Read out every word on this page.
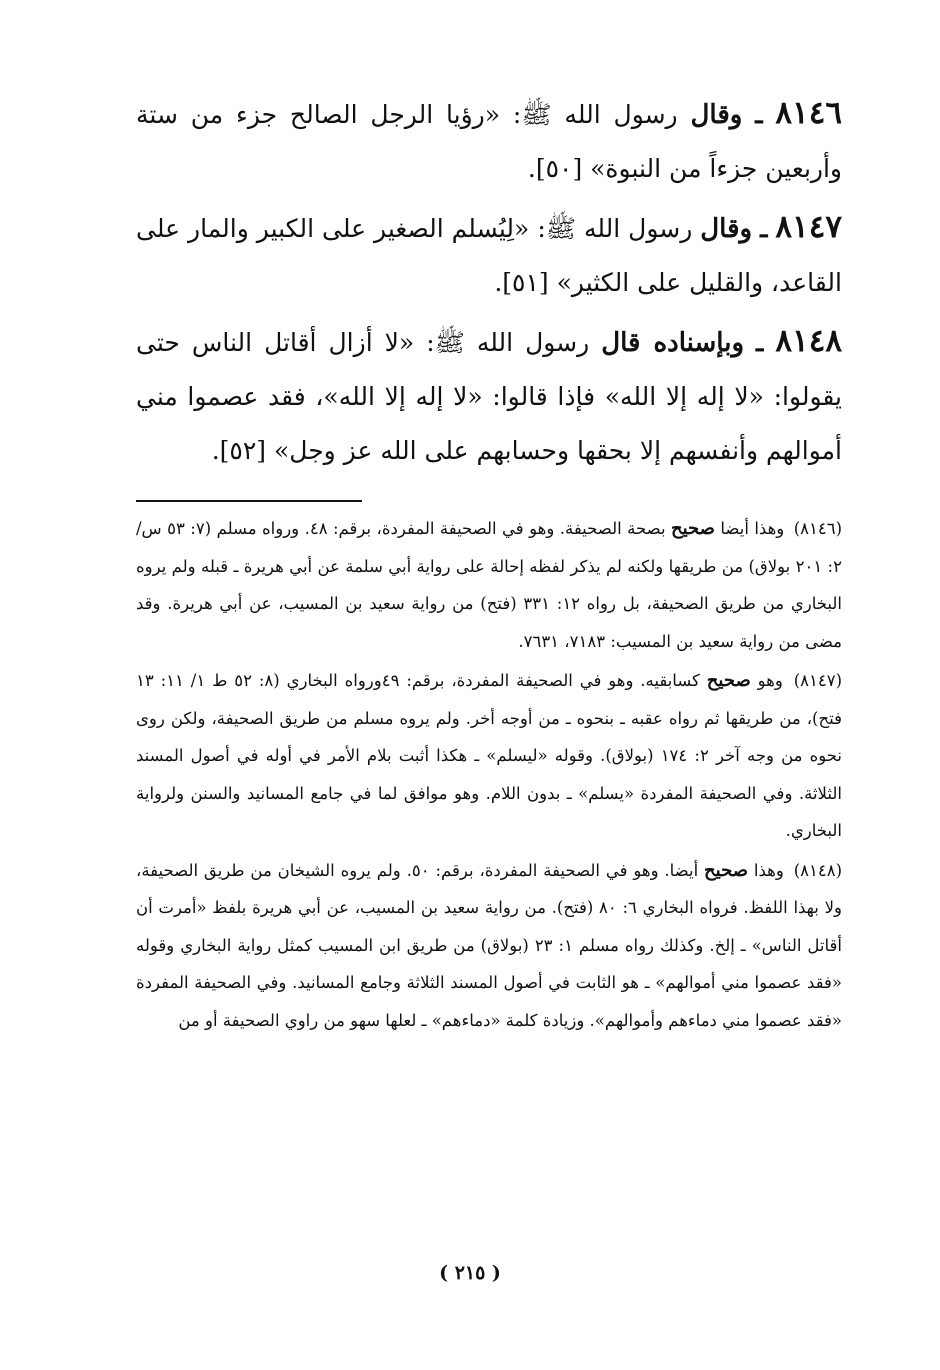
٨١٤٦ ـ وقال رسول الله ﷺ: «رؤيا الرجل الصالح جزء من ستة وأربعين جزءاً من النبوة» [٥٠].

٨١٤٧ ـ وقال رسول الله ﷺ: «لِيُسلم الصغير على الكبير والمار على القاعد، والقليل على الكثير» [٥١].

٨١٤٨ ـ وبإسناده قال رسول الله ﷺ: «لا أزال أقاتل الناس حتى يقولوا: «لا إله إلا الله» فإذا قالوا: «لا إله إلا الله»، فقد عصموا مني أموالهم وأنفسهم إلا بحقها وحسابهم على الله عز وجل» [٥٢].

(٨١٤٦) وهذا أيضا صحيح بصحة الصحيفة. وهو في الصحيفة المفردة، برقم: ٤٨. ورواه مسلم (٧: ٥٣ س/ ٢: ٢٠١ بولاق) من طريقها ولكنه لم يذكر لفظه إحالة على رواية أبي سلمة عن أبي هريرة ـ قبله ولم يروه البخاري من طريق الصحيفة، بل رواه ١٢: ٣٣١ (فتح) من رواية سعيد بن المسيب، عن أبي هريرة. وقد مضى من رواية سعيد بن المسيب: ٧١٨٣، ٧٦٣١.

(٨١٤٧) وهو صحيح كسابقيه. وهو في الصحيفة المفردة، برقم: ٤٩ورواه البخاري (٨: ٥٢ ط ١/ ١١: ١٣ فتح)، من طريقها ثم رواه عقبه ـ بنحوه ـ من أوجه أخر. ولم يروه مسلم من طريق الصحيفة، ولكن روى نحوه من وجه آخر ٢: ١٧٤ (بولاق). وقوله «ليسلم» ـ هكذا أثبت بلام الأمر في أوله في أصول المسند الثلاثة. وفي الصحيفة المفردة «يسلم» ـ بدون اللام. وهو موافق لما في جامع المسانيد والسنن ولرواية البخاري.

(٨١٤٨) وهذا صحيح أيضا. وهو في الصحيفة المفردة، برقم: ٥٠. ولم يروه الشيخان من طريق الصحيفة، ولا بهذا اللفظ. فرواه البخاري ٦: ٨٠ (فتح). من رواية سعيد بن المسيب، عن أبي هريرة بلفظ «أمرت أن أقاتل الناس» ـ إلخ. وكذلك رواه مسلم ١: ٢٣ (بولاق) من طريق ابن المسيب كمثل رواية البخاري وقوله «فقد عصموا مني أموالهم» ـ هو الثابت في أصول المسند الثلاثة وجامع المسانيد. وفي الصحيفة المفردة «فقد عصموا مني دماءهم وأموالهم». وزيادة كلمة «دماءهم» ـ لعلها سهو من راوي الصحيفة أو من

( ٢١٥ )
